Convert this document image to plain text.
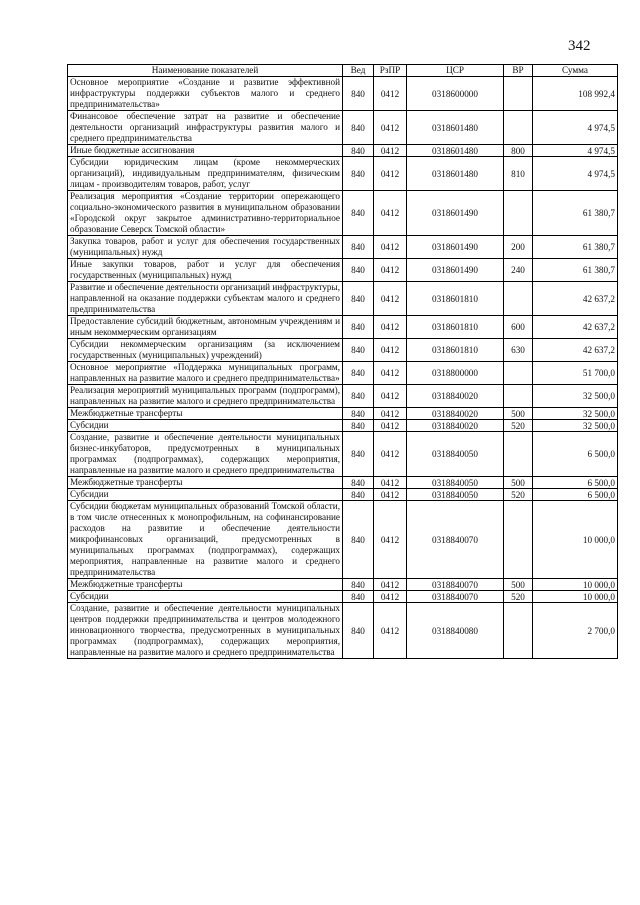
342
Наименование показателей	Вед	РзПР	ЦСР	ВР	Сумма
Основное мероприятие «Создание и развитие эффективной инфраструктуры поддержки субъектов малого и среднего предпринимательства»	840	0412	0318600000		108 992,4
Финансовое обеспечение затрат на развитие и обеспечение деятельности организаций инфраструктуры развития малого и среднего предпринимательства	840	0412	0318601480		4 974,5
Иные бюджетные ассигнования	840	0412	0318601480	800	4 974,5
Субсидии юридическим лицам (кроме некоммерческих организаций), индивидуальным предпринимателям, физическим лицам - производителям товаров, работ, услуг	840	0412	0318601480	810	4 974,5
Реализация мероприятия «Создание территории опережающего социально-экономического развития в муниципальном образовании «Городской округ закрытое административно-территориальное образование Северск Томской области»	840	0412	0318601490		61 380,7
Закупка товаров, работ и услуг для обеспечения государственных (муниципальных) нужд	840	0412	0318601490	200	61 380,7
Иные закупки товаров, работ и услуг для обеспечения государственных (муниципальных) нужд	840	0412	0318601490	240	61 380,7
Развитие и обеспечение деятельности организаций инфраструктуры, направленной на оказание поддержки субъектам малого и среднего предпринимательства	840	0412	0318601810		42 637,2
Предоставление субсидий бюджетным, автономным учреждениям и иным некоммерческим организациям	840	0412	0318601810	600	42 637,2
Субсидии некоммерческим организациям (за исключением государственных (муниципальных) учреждений)	840	0412	0318601810	630	42 637,2
Основное мероприятие «Поддержка муниципальных программ, направленных на развитие малого и среднего предпринимательства»	840	0412	0318800000		51 700,0
Реализация мероприятий муниципальных программ (подпрограмм), направленных на развитие малого и среднего предпринимательства	840	0412	0318840020		32 500,0
Межбюджетные трансферты	840	0412	0318840020	500	32 500,0
Субсидии	840	0412	0318840020	520	32 500,0
Создание, развитие и обеспечение деятельности муниципальных бизнес-инкубаторов, предусмотренных в муниципальных программах (подпрограммах), содержащих мероприятия, направленные на развитие малого и среднего предпринимательства	840	0412	0318840050		6 500,0
Межбюджетные трансферты	840	0412	0318840050	500	6 500,0
Субсидии	840	0412	0318840050	520	6 500,0
Субсидии бюджетам муниципальных образований Томской области, в том числе отнесенных к монопрофильным, на софинансирование расходов на развитие и обеспечение деятельности микрофинансовых организаций, предусмотренных в муниципальных программах (подпрограммах), содержащих мероприятия, направленные на развитие малого и среднего предпринимательства	840	0412	0318840070		10 000,0
Межбюджетные трансферты	840	0412	0318840070	500	10 000,0
Субсидии	840	0412	0318840070	520	10 000,0
Создание, развитие и обеспечение деятельности муниципальных центров поддержки предпринимательства и центров молодежного инновационного творчества, предусмотренных в муниципальных программах (подпрограммах), содержащих мероприятия, направленные на развитие малого и среднего предпринимательства	840	0412	0318840080		2 700,0
